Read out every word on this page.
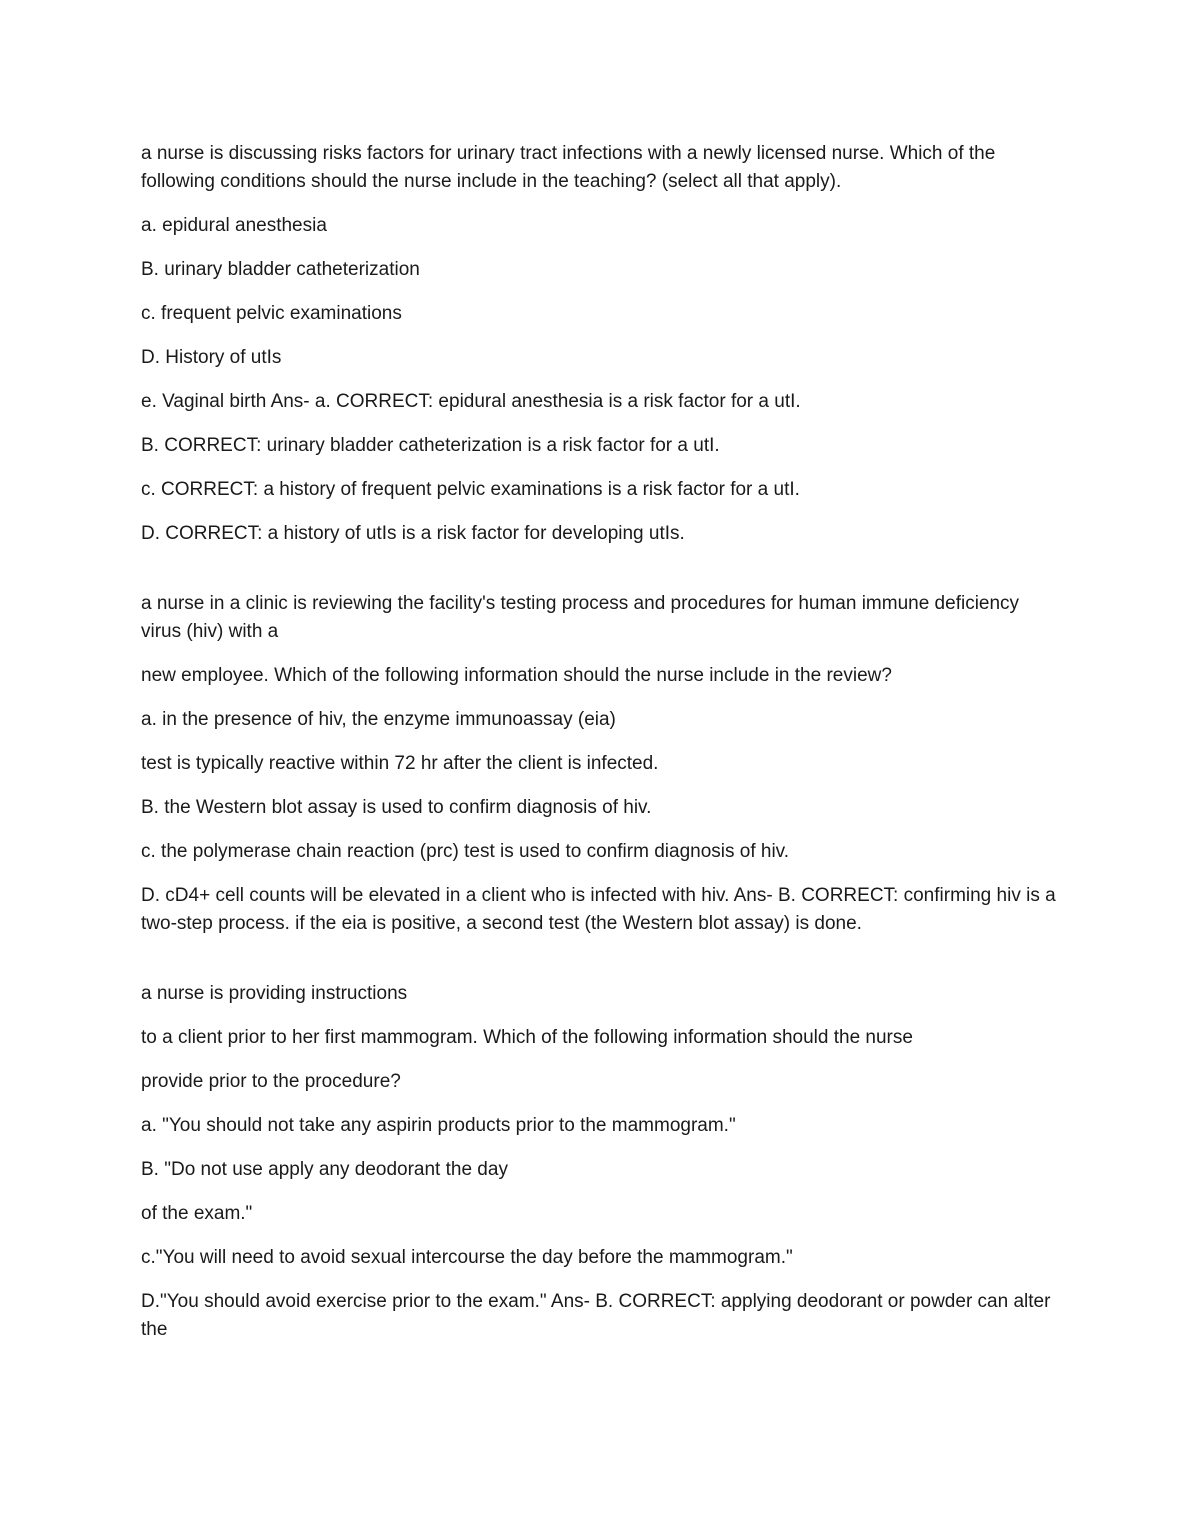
a nurse is discussing risks factors for urinary tract infections with a newly licensed nurse. Which of the following conditions should the nurse include in the teaching? (select all that apply).

a. epidural anesthesia

B. urinary bladder catheterization

c. frequent pelvic examinations

D. History of utIs

e. Vaginal birth Ans- a. CORRECT: epidural anesthesia is a risk factor for a utI.

B. CORRECT: urinary bladder catheterization is a risk factor for a utI.

c. CORRECT: a history of frequent pelvic examinations is a risk factor for a utI.

D. CORRECT: a history of utIs is a risk factor for developing utIs.

a nurse in a clinic is reviewing the facility's testing process and procedures for human immune deficiency virus (hiv) with a

new employee. Which of the following information should the nurse include in the review?

a. in the presence of hiv, the enzyme immunoassay (eia)

test is typically reactive within 72 hr after the client is infected.

B. the Western blot assay is used to confirm diagnosis of hiv.

c. the polymerase chain reaction (prc) test is used to confirm diagnosis of hiv.

D. cD4+ cell counts will be elevated in a client who is infected with hiv. Ans- B. CORRECT: confirming hiv is a two-step process. if the eia is positive, a second test (the Western blot assay) is done.

a nurse is providing instructions

to a client prior to her first mammogram. Which of the following information should the nurse

provide prior to the procedure?

a. "You should not take any aspirin products prior to the mammogram."

B. "Do not use apply any deodorant the day

of the exam."

c."You will need to avoid sexual intercourse the day before the mammogram."

D."You should avoid exercise prior to the exam." Ans- B. CORRECT: applying deodorant or powder can alter the
